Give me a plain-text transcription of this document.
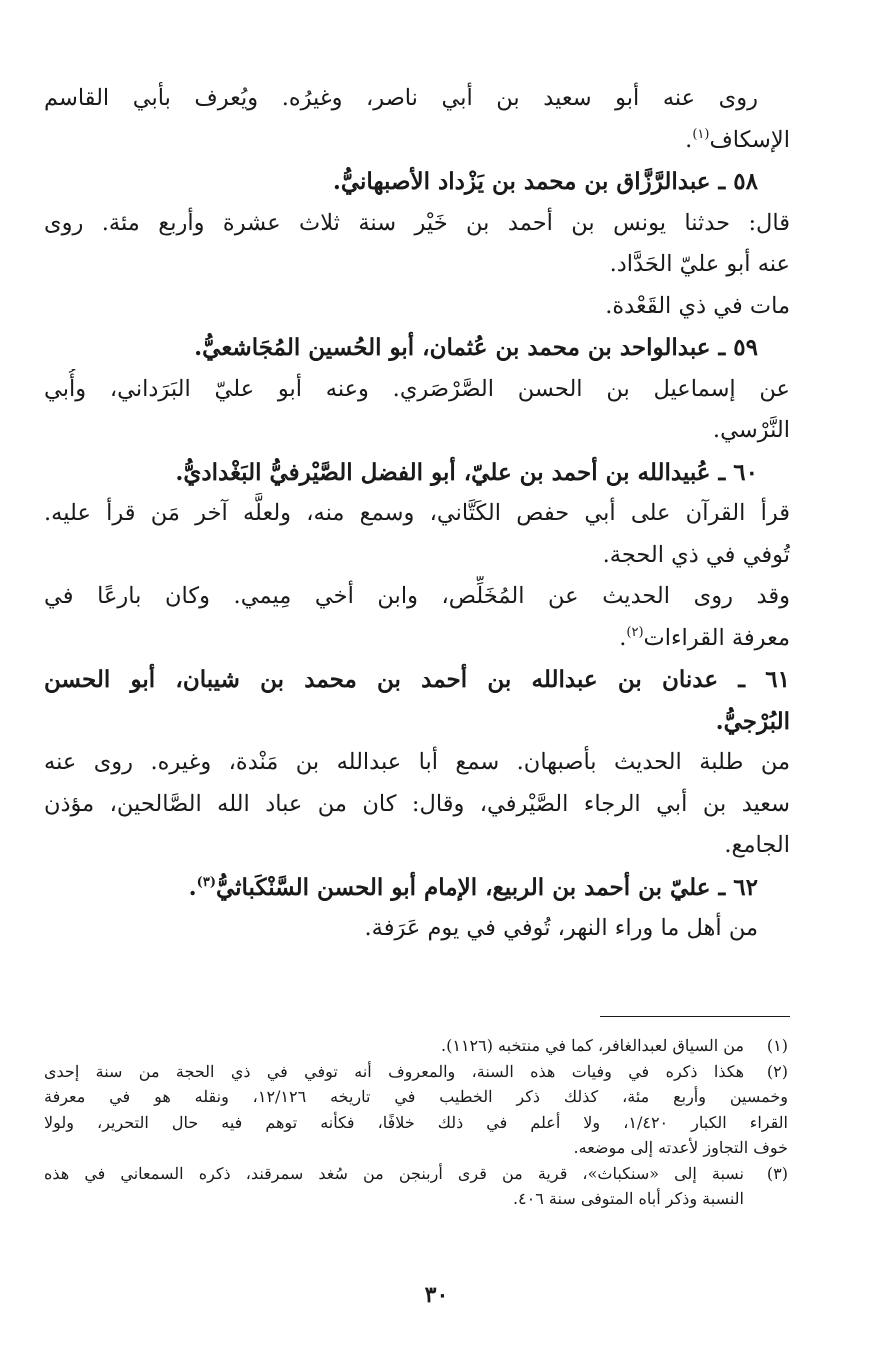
روى عنه أبو سعيد بن أبي ناصر، وغيرُه. ويُعرف بأبي القاسم
الإسكاف$^{(١)}$.
٥٨ ـ عبدالرَّزَّاق بن محمد بن يَزْداد الأصبهانيُّ.
قال: حدثنا يونس بن أحمد بن خَيْر سنة ثلاث عشرة وأربع مئة. روى
عنه أبو عليّ الحَدَّاد.
مات في ذي القَعْدة.
٥٩ ـ عبدالواحد بن محمد بن عُثمان، أبو الحُسين المُجَاشعيُّ.
عن إسماعيل بن الحسن الصَّرْصَري. وعنه أبو عليّ البَرَداني، وأُبي
النَّرْسي.
٦٠ ـ عُبيدالله بن أحمد بن عليّ، أبو الفضل الصَّيْرفيُّ البَغْداديُّ.
قرأ القرآن على أبي حفص الكَتَّاني، وسمع منه، ولعلَّه آخر مَن قرأ عليه.
تُوفي في ذي الحجة.
وقد روى الحديث عن المُخَلِّص، وابن أخي مِيمي. وكان بارعًا في
معرفة القراءات$^{(٢)}$.
٦١ ـ عدنان بن عبدالله بن أحمد بن محمد بن شيبان، أبو الحسن
البُرْجيُّ.
من طلبة الحديث بأصبهان. سمع أبا عبدالله بن مَنْدة، وغيره. روى عنه
سعيد بن أبي الرجاء الصَّيْرفي، وقال: كان من عباد الله الصَّالحين، مؤذن
الجامع.
٦٢ ـ عليّ بن أحمد بن الربيع، الإمام أبو الحسن السَّنْكَباثيُّ$^{(٣)}$.
من أهل ما وراء النهر، تُوفي في يوم عَرَفة.
(١)
من السياق لعبدالغافر، كما في منتخبه (١١٢٦).
(٢)
هكذا ذكره في وفيات هذه السنة، والمعروف أنه توفي في ذي الحجة من سنة إحدى
وخمسين وأربع مئة، كذلك ذكر الخطيب في تاريخه ١٢/١٢٦، ونقله هو في معرفة
القراء الكبار ١/٤٢٠، ولا أعلم في ذلك خلافًا، فكأنه توهم فيه حال التحرير، ولولا
خوف التجاوز لأعدته إلى موضعه.
(٣)
نسبة إلى «سنكباث»، قرية من قرى أربنجن من سُغد سمرقند، ذكره السمعاني في هذه
النسبة وذكر أباه المتوفى سنة ٤٠٦.
٣٠
